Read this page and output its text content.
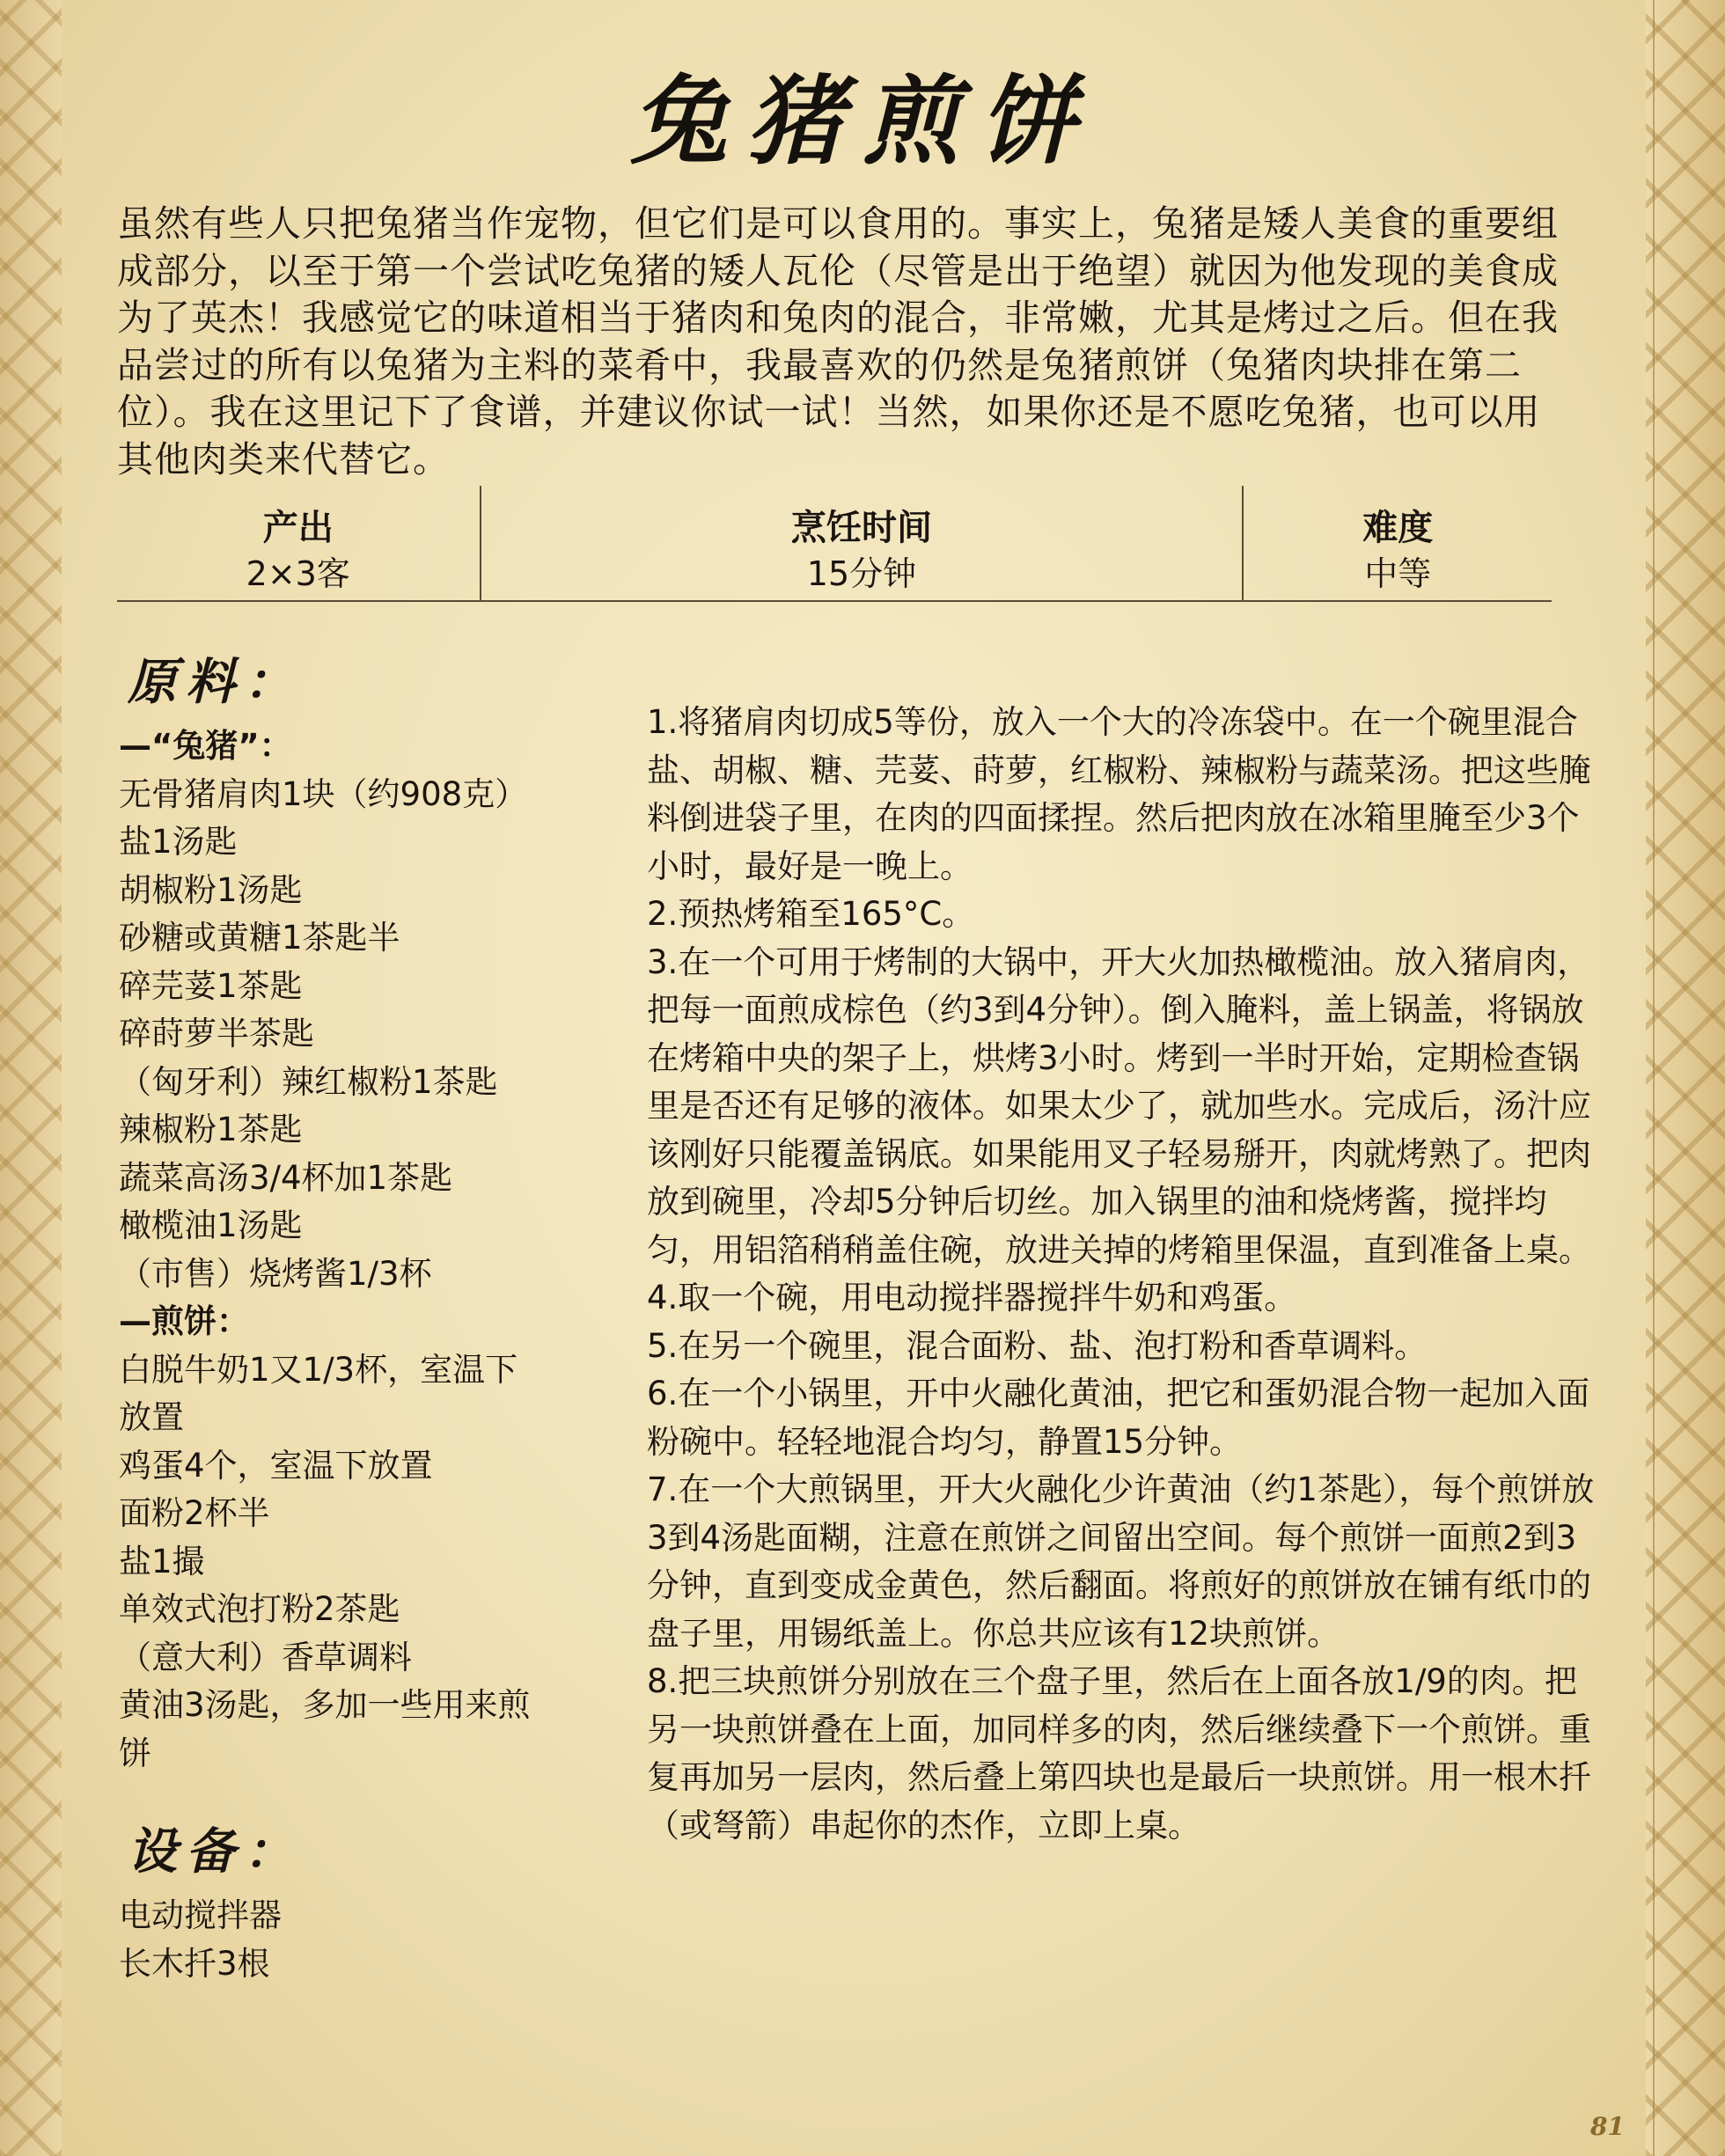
兔猪煎饼
虽然有些人只把兔猪当作宠物，但它们是可以食用的。事实上，兔猪是矮人美食的重要组成部分，以至于第一个尝试吃兔猪的矮人瓦伦（尽管是出于绝望）就因为他发现的美食成为了英杰！我感觉它的味道相当于猪肉和兔肉的混合，非常嫩，尤其是烤过之后。但在我品尝过的所有以兔猪为主料的菜肴中，我最喜欢的仍然是兔猪煎饼（兔猪肉块排在第二位）。我在这里记下了食谱，并建议你试一试！当然，如果你还是不愿吃兔猪，也可以用其他肉类来代替它。
产出
2×3客
烹饪时间
15分钟
难度
中等
原料：

—“兔猪”：

无骨猪肩肉1块（约908克）

盐1汤匙

胡椒粉1汤匙

砂糖或黄糖1茶匙半

碎芫荽1茶匙

碎莳萝半茶匙

（匈牙利）辣红椒粉1茶匙

辣椒粉1茶匙

蔬菜高汤3/4杯加1茶匙

橄榄油1汤匙

（市售）烧烤酱1/3杯

—煎饼：

白脱牛奶1又1/3杯，室温下
放置

鸡蛋4个，室温下放置

面粉2杯半

盐1撮

单效式泡打粉2茶匙

（意大利）香草调料

黄油3汤匙，多加一些用来煎
饼

设备：

电动搅拌器

长木扦3根

1.将猪肩肉切成5等份，放入一个大的冷冻袋中。在一个碗里混合盐、胡椒、糖、芫荽、莳萝，红椒粉、辣椒粉与蔬菜汤。把这些腌料倒进袋子里，在肉的四面揉捏。然后把肉放在冰箱里腌至少3个小时，最好是一晚上。

2.预热烤箱至165°C。

3.在一个可用于烤制的大锅中，开大火加热橄榄油。放入猪肩肉，把每一面煎成棕色（约3到4分钟）。倒入腌料，盖上锅盖，将锅放在烤箱中央的架子上，烘烤3小时。烤到一半时开始，定期检查锅里是否还有足够的液体。如果太少了，就加些水。完成后，汤汁应该刚好只能覆盖锅底。如果能用叉子轻易掰开，肉就烤熟了。把肉放到碗里，冷却5分钟后切丝。加入锅里的油和烧烤酱，搅拌均匀，用铝箔稍稍盖住碗，放进关掉的烤箱里保温，直到准备上桌。

4.取一个碗，用电动搅拌器搅拌牛奶和鸡蛋。

5.在另一个碗里，混合面粉、盐、泡打粉和香草调料。

6.在一个小锅里，开中火融化黄油，把它和蛋奶混合物一起加入面粉碗中。轻轻地混合均匀，静置15分钟。

7.在一个大煎锅里，开大火融化少许黄油（约1茶匙），每个煎饼放3到4汤匙面糊，注意在煎饼之间留出空间。每个煎饼一面煎2到3分钟，直到变成金黄色，然后翻面。将煎好的煎饼放在铺有纸巾的盘子里，用锡纸盖上。你总共应该有12块煎饼。

8.把三块煎饼分别放在三个盘子里，然后在上面各放1/9的肉。把另一块煎饼叠在上面，加同样多的肉，然后继续叠下一个煎饼。重复再加另一层肉，然后叠上第四块也是最后一块煎饼。用一根木扦（或弩箭）串起你的杰作，立即上桌。

81
